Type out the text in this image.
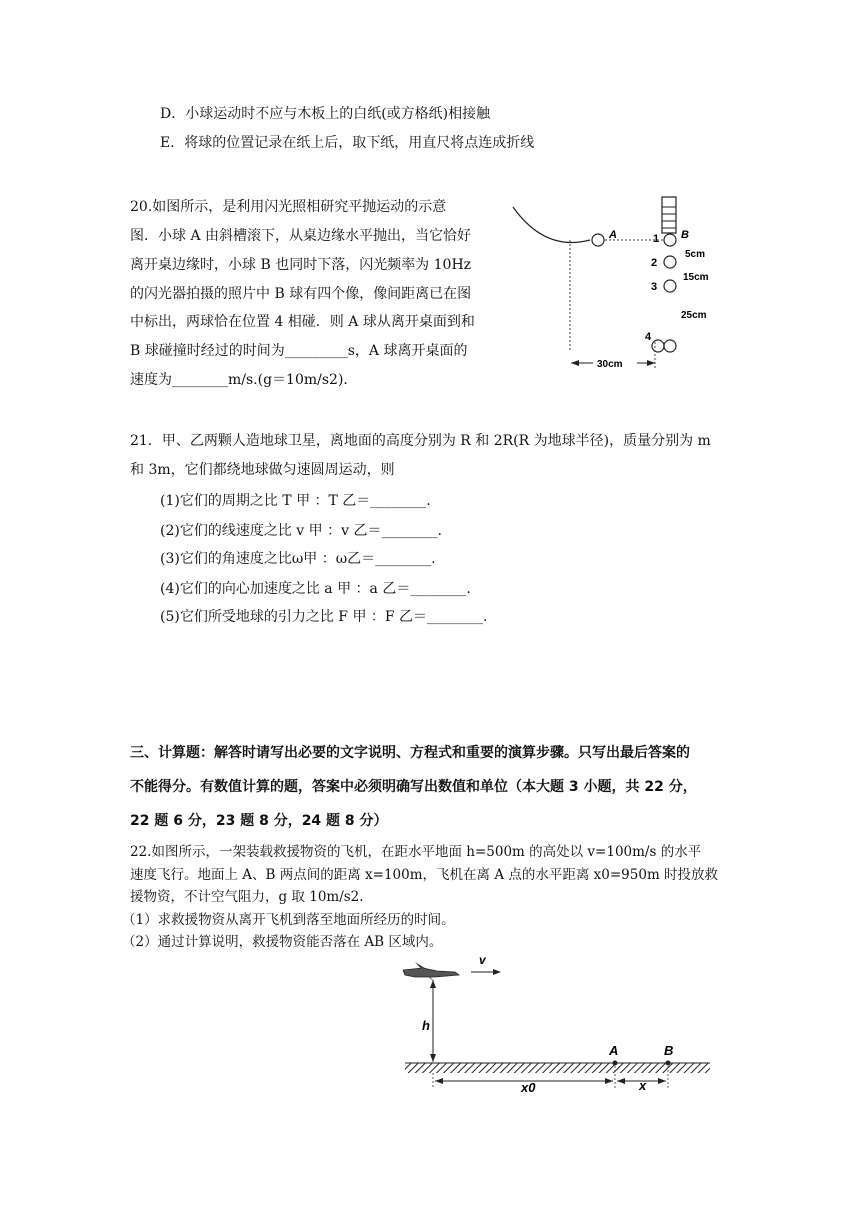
D．小球运动时不应与木板上的白纸(或方格纸)相接触
E．将球的位置记录在纸上后，取下纸，用直尺将点连成折线
20.如图所示，是利用闪光照相研究平抛运动的示意
图．小球 A 由斜槽滚下，从桌边缘水平抛出，当它恰好
离开桌边缘时，小球 B 也同时下落，闪光频率为 10Hz
的闪光器拍摄的照片中 B 球有四个像，像间距离已在图
中标出，两球恰在位置 4 相碰．则 A 球从离开桌面到和
B 球碰撞时经过的时间为_________s，A 球离开桌面的
速度为________m/s.(g＝10m/s2)．
A	B
1
2
3
5cm
15cm
25cm
4
30cm
21．甲、乙两颗人造地球卫星，离地面的高度分别为 R 和 2R(R 为地球半径)，质量分别为 m
和 3m，它们都绕地球做匀速圆周运动，则
(1)它们的周期之比 T 甲 ：T 乙＝________.
(2)它们的线速度之比 v 甲 ：v 乙＝________.
(3)它们的角速度之比ω甲 ：ω乙＝________.
(4)它们的向心加速度之比 a 甲 ：a 乙＝________.
(5)它们所受地球的引力之比 F 甲 ：F 乙＝________.
三、计算题：解答时请写出必要的文字说明、方程式和重要的演算步骤。只写出最后答案的
不能得分。有数值计算的题，答案中必须明确写出数值和单位（本大题 3 小题，共 22 分，
22 题 6 分，23 题 8 分，24 题 8 分）
22.如图所示，一架装载救援物资的飞机，在距水平地面 h=500m 的高处以 v=100m/s 的水平
速度飞行。地面上 A、B 两点间的距离 x=100m，飞机在离 A 点的水平距离 x0=950m 时投放救
援物资，不计空气阻力，g 取 10m/s2.
（1）求救援物资从离开飞机到落至地面所经历的时间。
（2）通过计算说明，救援物资能否落在 AB 区域内。
v
h
A	B
x0	x
